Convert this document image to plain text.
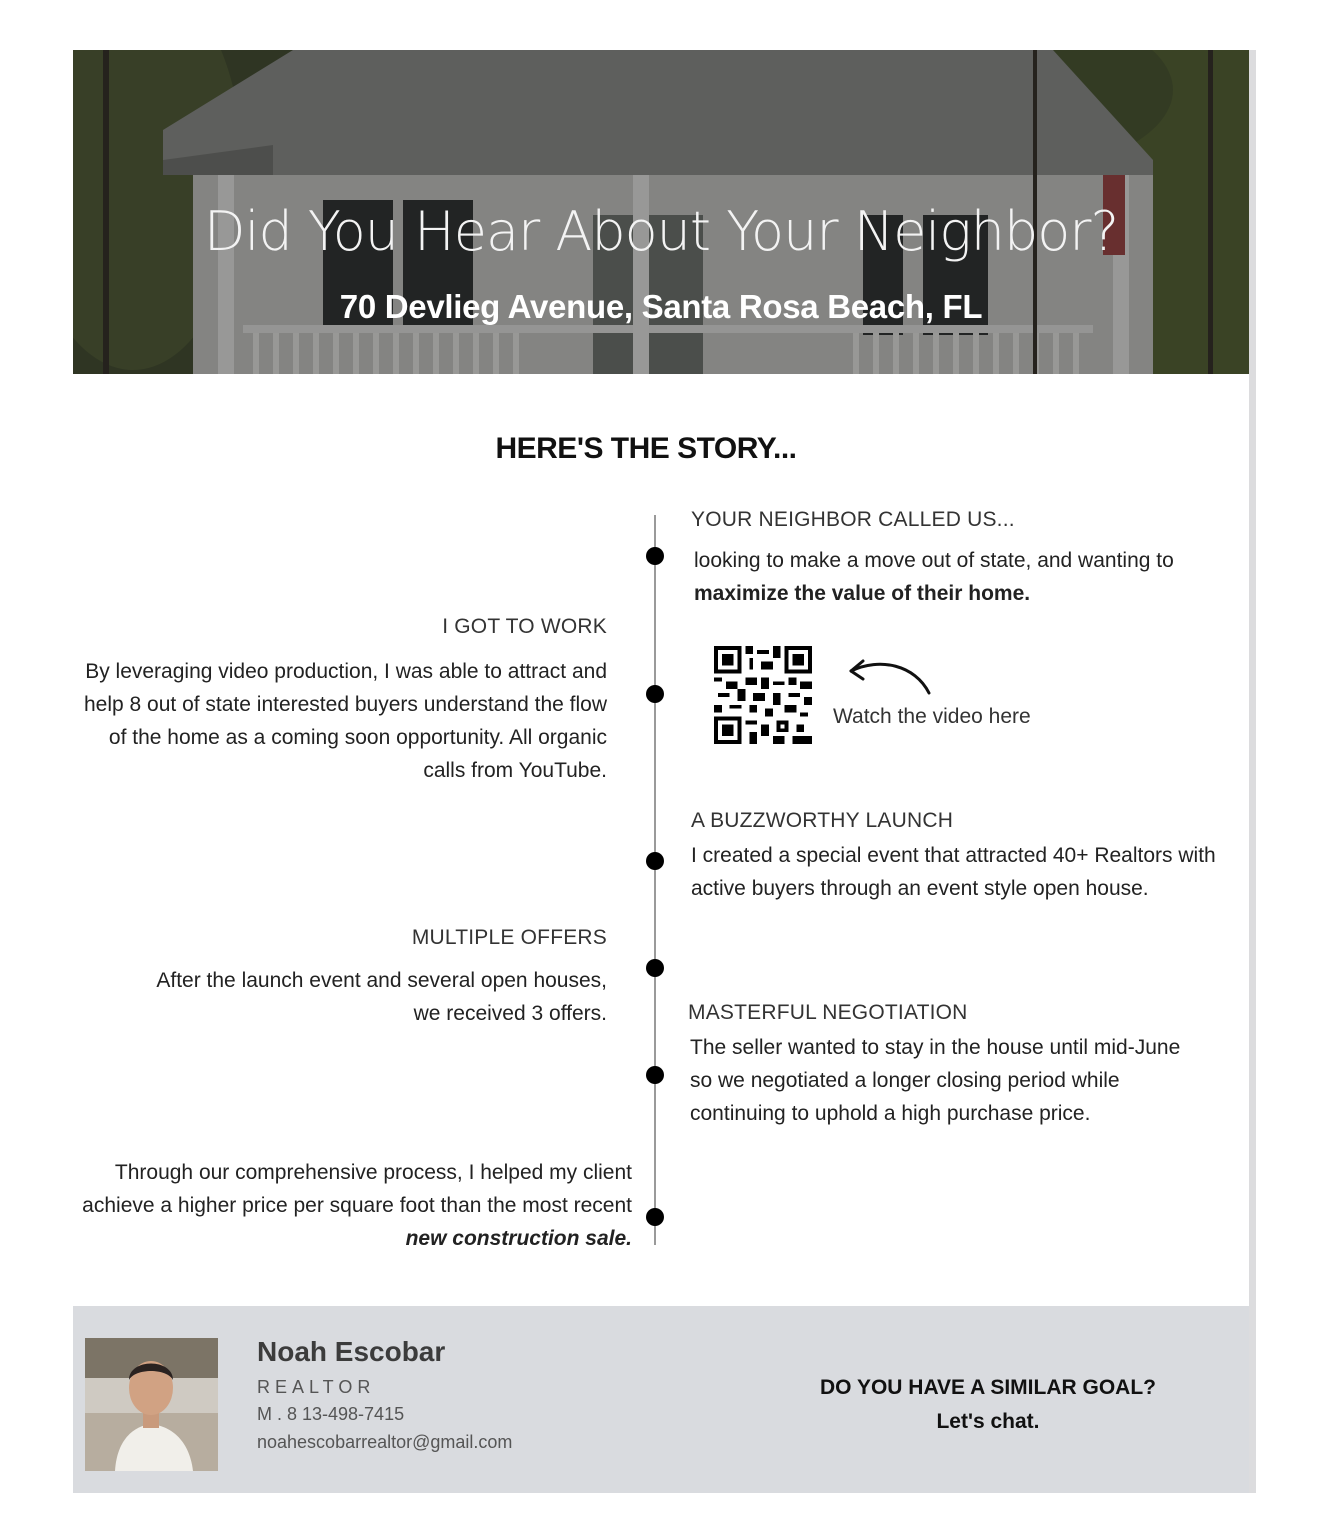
Did You Hear About Your Neighbor?
70 Devlieg Avenue, Santa Rosa Beach, FL
HERE'S THE STORY...
YOUR NEIGHBOR CALLED US...
looking to make a move out of state, and wanting to maximize the value of their home.
Watch the video here
I GOT TO WORK
By leveraging video production, I was able to attract and help 8 out of state interested buyers understand the flow of the home as a coming soon opportunity. All organic calls from YouTube.
A BUZZWORTHY LAUNCH
I created a special event that attracted 40+ Realtors with active buyers through an event style open house.
MULTIPLE OFFERS
After the launch event and several open houses, we received 3 offers.	MASTERFUL NEGOTIATION
The seller wanted to stay in the house until mid-June so we negotiated a longer closing period while continuing to uphold a high purchase price.
Through our comprehensive process, I helped my client achieve a higher price per square foot than the most recent new construction sale.
Noah Escobar
REALTOR
M . 8 13-498-7415
noahescobarrealtor@gmail.com
DO YOU HAVE A SIMILAR GOAL?
Let's chat.
